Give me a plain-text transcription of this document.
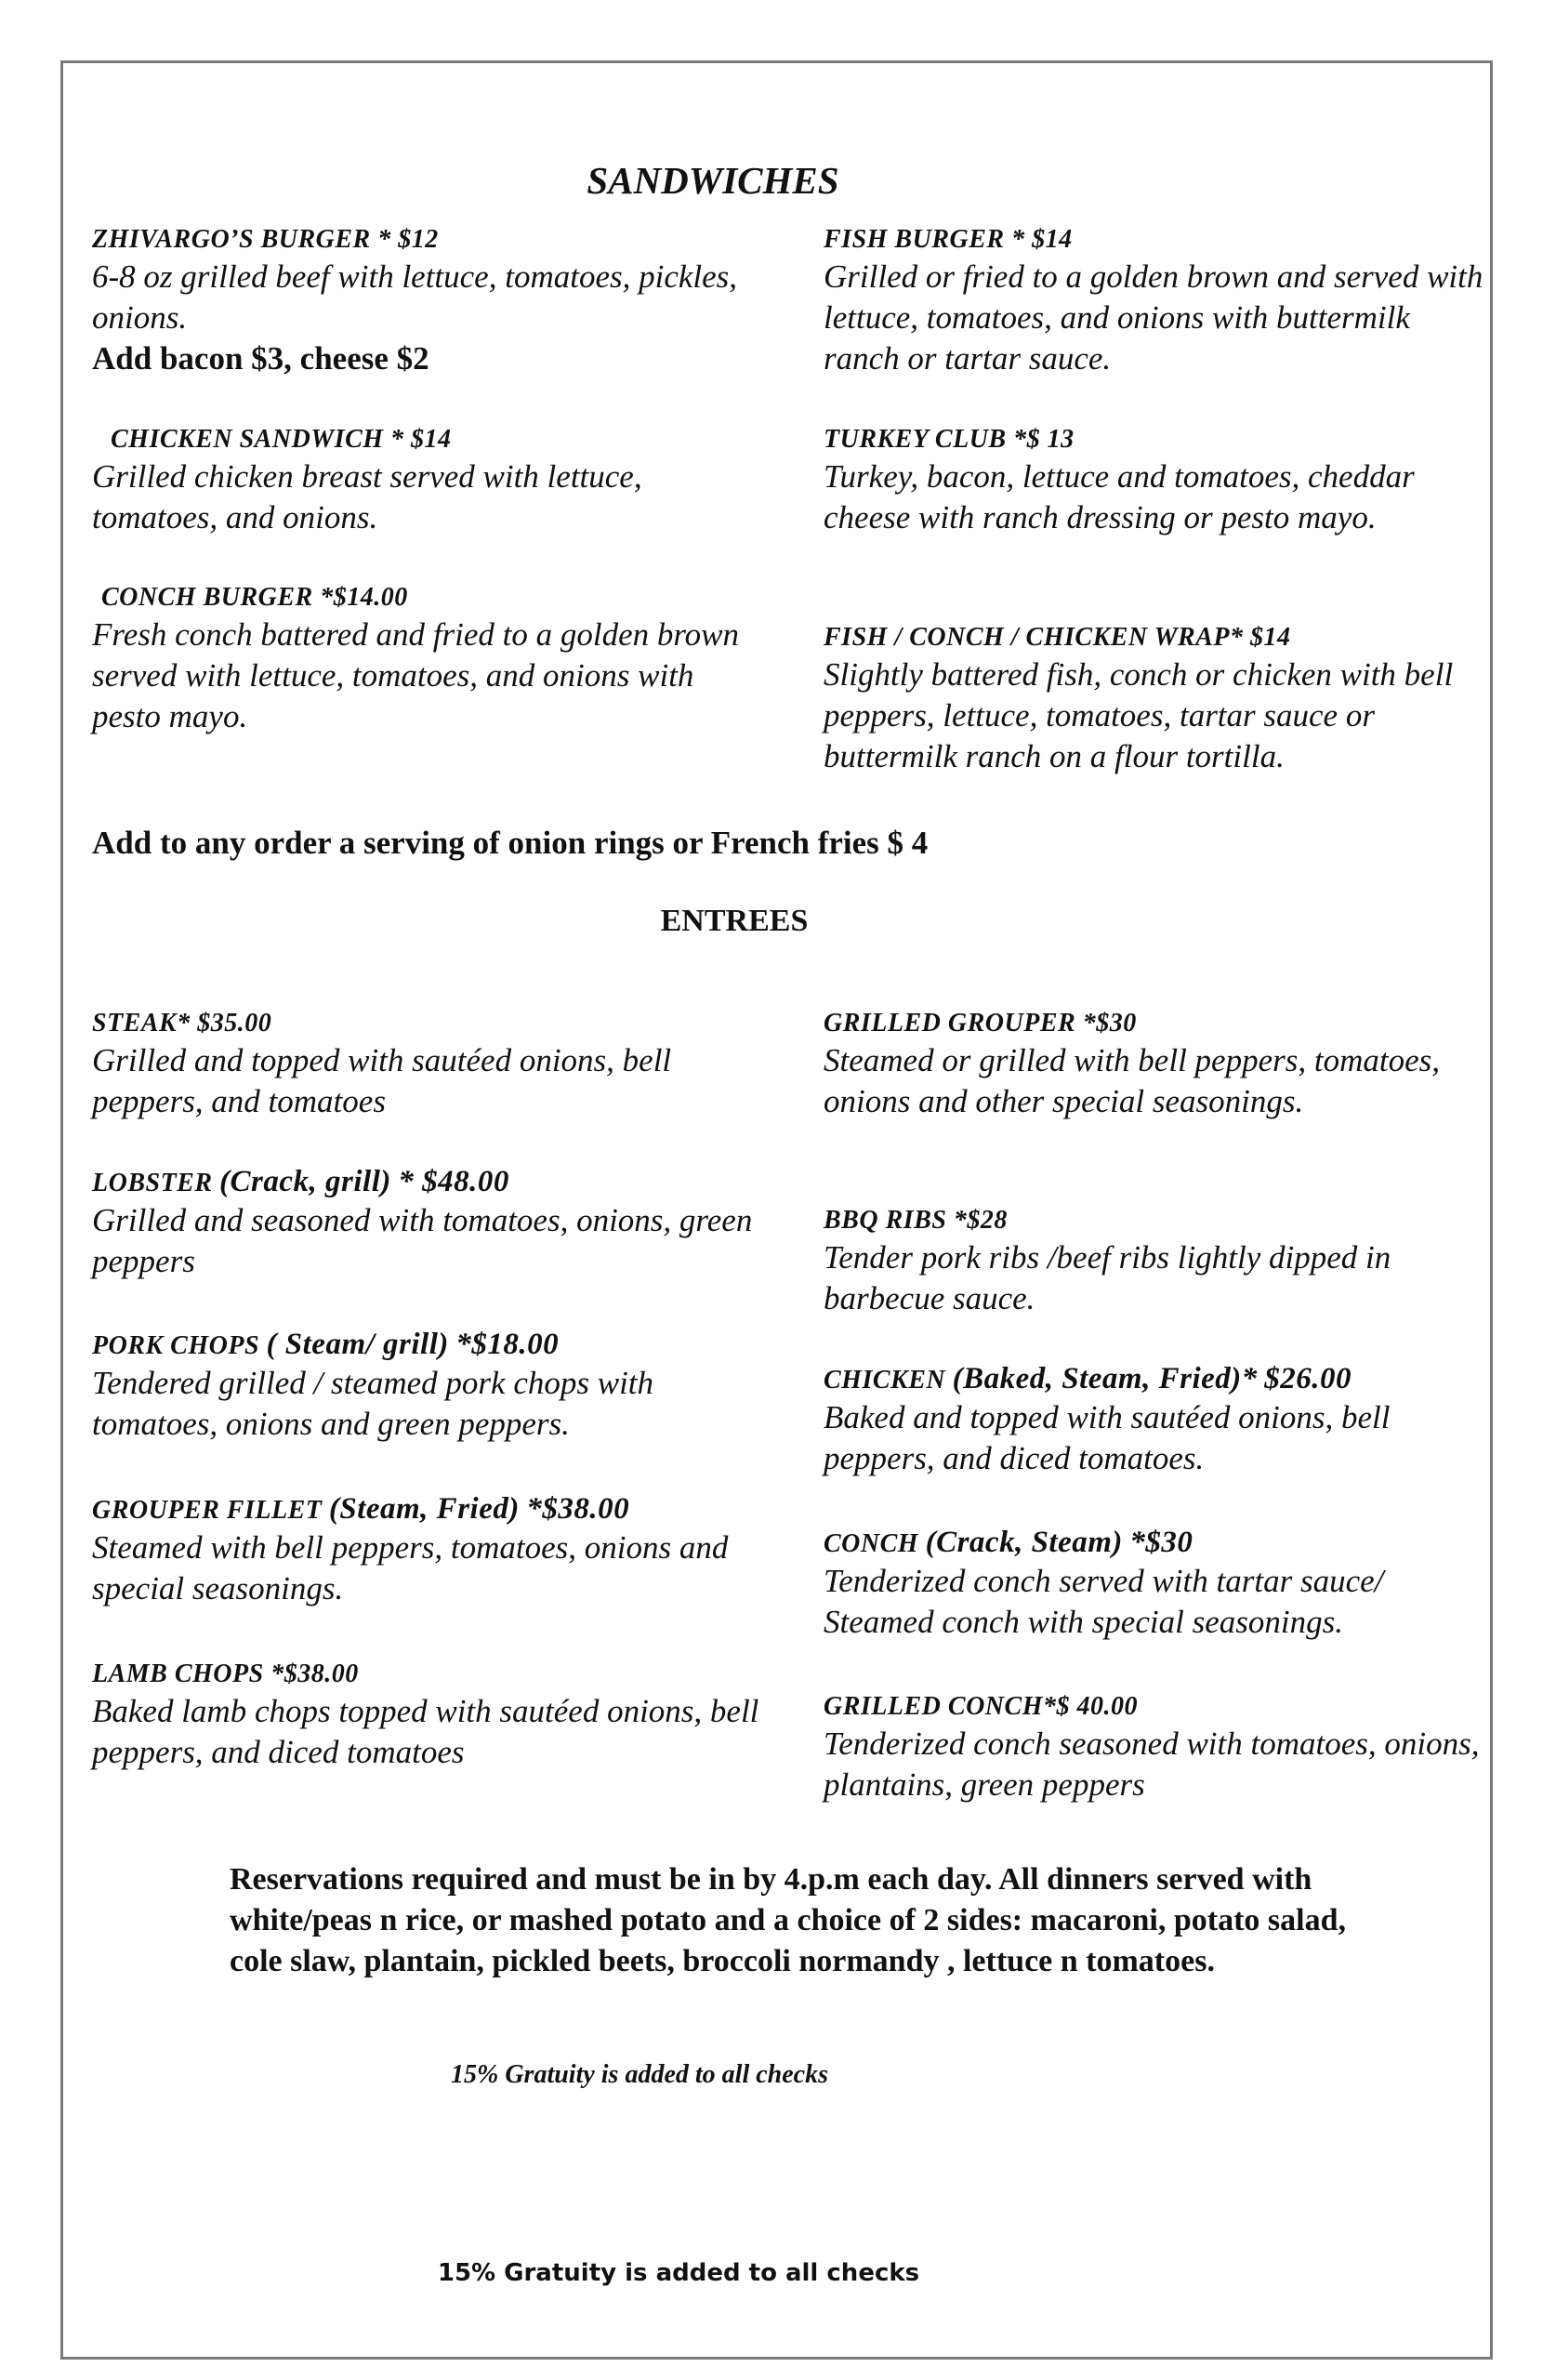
SANDWICHES
ZHIVARGO’S BURGER * $12
6-8 oz grilled beef with lettuce, tomatoes, pickles, onions.
Add bacon $3, cheese $2
CHICKEN SANDWICH * $14
Grilled chicken breast served with lettuce, tomatoes, and onions.
CONCH BURGER *$14.00
Fresh conch battered and fried to a golden brown served with lettuce, tomatoes, and onions with pesto mayo.
FISH BURGER * $14
Grilled or fried to a golden brown and served with lettuce, tomatoes, and onions with buttermilk ranch or tartar sauce.
TURKEY CLUB *$ 13
Turkey, bacon, lettuce and tomatoes, cheddar cheese with ranch dressing or pesto mayo.
FISH / CONCH / CHICKEN WRAP* $14
Slightly battered fish, conch or chicken with bell peppers, lettuce, tomatoes, tartar sauce or buttermilk ranch on a flour tortilla.
Add to any order a serving of onion rings or French fries $ 4
ENTREES
STEAK* $35.00
Grilled and topped with sautéed onions, bell peppers, and tomatoes
LOBSTER (Crack, grill) * $48.00
Grilled and seasoned with tomatoes, onions, green peppers
PORK CHOPS ( Steam/ grill) *$18.00
Tendered grilled / steamed pork chops with tomatoes, onions and green peppers.
GROUPER FILLET (Steam, Fried) *$38.00
Steamed with bell peppers, tomatoes, onions and special seasonings.
LAMB CHOPS *$38.00
Baked lamb chops topped with sautéed onions, bell peppers, and diced tomatoes
GRILLED GROUPER *$30
Steamed or grilled with bell peppers, tomatoes, onions and other special seasonings.
BBQ RIBS *$28
Tender pork ribs /beef ribs lightly dipped in barbecue sauce.
CHICKEN (Baked, Steam, Fried)* $26.00
Baked and topped with sautéed onions, bell peppers, and diced tomatoes.
CONCH (Crack, Steam) *$30
Tenderized conch served with tartar sauce/ Steamed conch with special seasonings.
GRILLED CONCH*$ 40.00
Tenderized conch seasoned with tomatoes, onions, plantains, green peppers
Reservations required and must be in by 4.p.m each day. All dinners served with white/peas n rice, or mashed potato and a choice of 2 sides: macaroni, potato salad, cole slaw, plantain, pickled beets, broccoli normandy , lettuce n tomatoes.
15% Gratuity is added to all checks
15% Gratuity is added to all checks
